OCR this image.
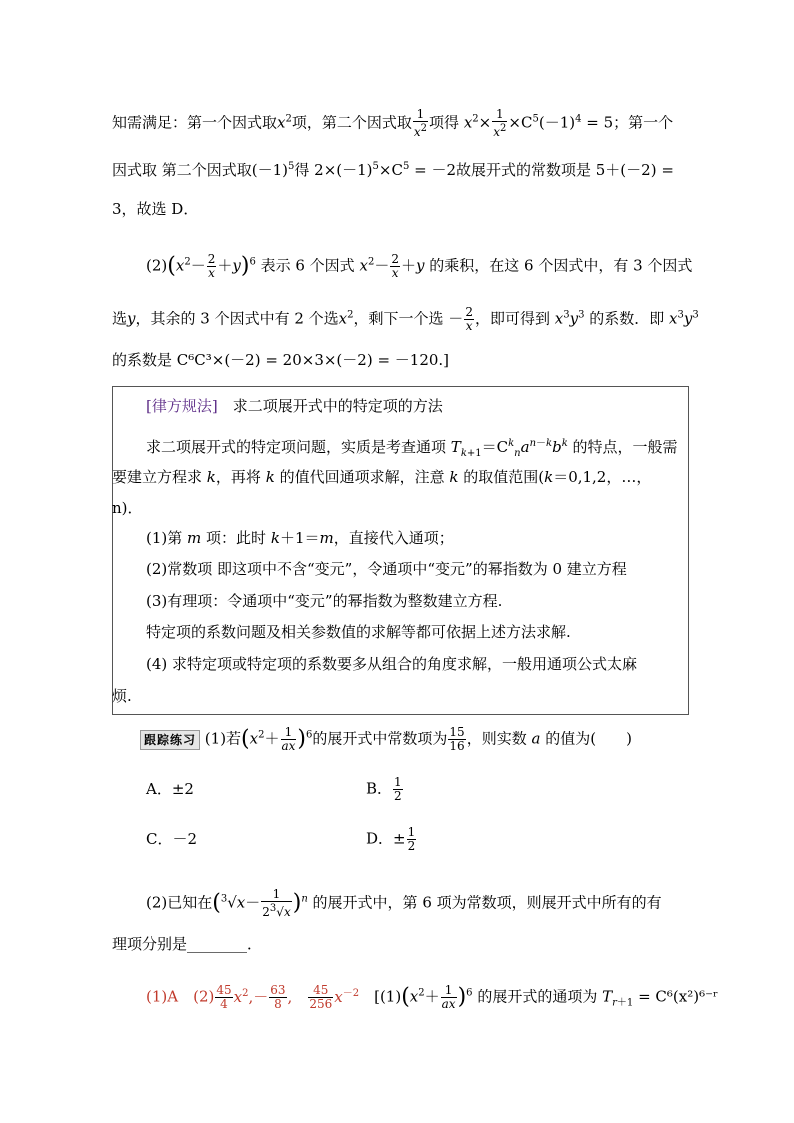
知需满足：第一个因式取$x^2$项，第二个因式取 $\frac{1}{x^2}$ 项得 $x^2\times \frac{1}{x^2} \times C^5(-1)^4 = 5$；第一个
因式取 第二个因式取$(-1)^5$得 $2\times(-1)^5\times C^5 = -2$故展开式的常数项是 5＋(－2) =
3，故选 D．
$(2)(x^2- \frac{2}{x} +y)^6$ 表示 6 个因式 $x^2- \frac{2}{x} +y$ 的乘积，在这 6 个因式中，有 3 个因式
选y，其余的 3 个因式中有 2 个选$x^2$，剩下一个选 － $\frac{2}{x}$ ，即可得到 $x^3y^3$ 的系数．即 $x^3y^3$
的系数是 C⁶C³×(－2) = 20×3×(－2) = －120.]
[律方规法]　 求二项展开式中的特定项的方法
求二项展开式的特定项问题，实质是考查通项 $T_{k+1}=C^k_na^{n-k}b^k$ 的特点，一般需
要建立方程求 k，再将 k 的值代回通项求解，注意 k 的取值范围(k＝0,1,2，…，
n)．
(1)第 m 项：此时 k＋1＝m，直接代入通项；
(2)常数项 即这项中不含“变元”，令通项中“变元”的幂指数为 0 建立方程
(3)有理项：令通项中“变元”的幂指数为整数建立方程.
特定项的系数问题及相关参数值的求解等都可依据上述方法求解.
(4) 求特定项或特定项的系数要多从组合的角度求解，一般用通项公式太麻
烦.
跟踪练习 (1)若$(x^2+ \frac{1}{ax} )^6$的展开式中常数项为 $\frac{15}{16}$ ，则实数 a 的值为(　　)
A．±2	B． $\frac{1}{2}$
C．－2	D．± $\frac{1}{2}$
(2)已知在$(^3√x- \frac{1}{2^3√x} )^n$ 的展开式中，第 6 项为常数项，则展开式中所有的有
理项分别是________．
(1)A　 $(2) \frac{45}{4} x^2,- \frac{63}{8}$ ,　 $\frac{45}{256} x^{-2}$　 [$(1)(x^2+ \frac{1}{ax} )^6$ 的展开式的通项为 $T_{r+1}$ = C⁶(x²)⁶⁻ʳ
